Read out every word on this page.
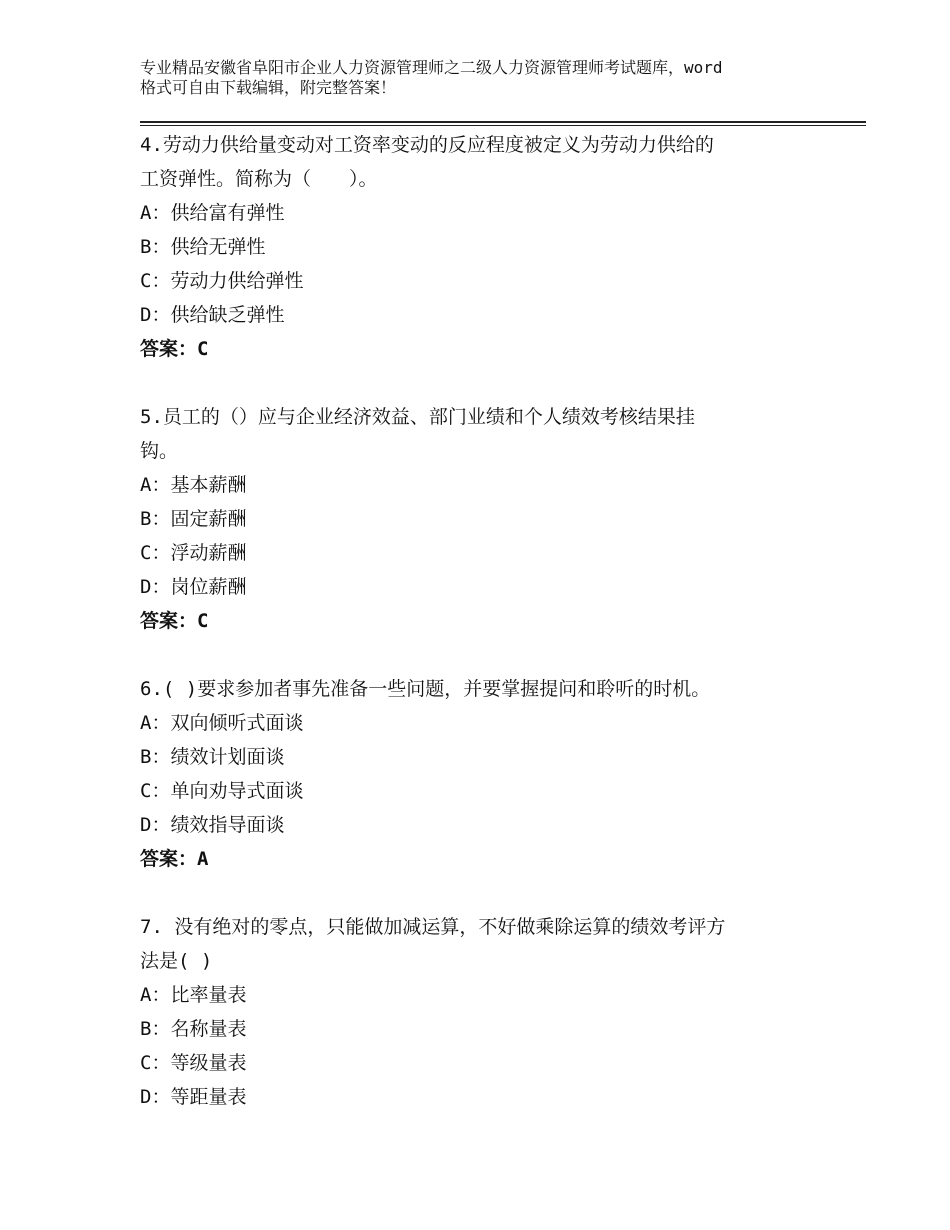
专业精品安徽省阜阳市企业人力资源管理师之二级人力资源管理师考试题库，word
格式可自由下载编辑，附完整答案！
4.劳动力供给量变动对工资率变动的反应程度被定义为劳动力供给的
工资弹性。简称为（　　）。
A：供给富有弹性
B：供给无弹性
C：劳动力供给弹性
D：供给缺乏弹性
答案：C
5.员工的（）应与企业经济效益、部门业绩和个人绩效考核结果挂
钩。
A：基本薪酬
B：固定薪酬
C：浮动薪酬
D：岗位薪酬
答案：C
6.( )要求参加者事先准备一些问题，并要掌握提问和聆听的时机。
A：双向倾听式面谈
B：绩效计划面谈
C：单向劝导式面谈
D：绩效指导面谈
答案：A
7. 没有绝对的零点，只能做加减运算，不好做乘除运算的绩效考评方
法是( )
A：比率量表
B：名称量表
C：等级量表
D：等距量表
